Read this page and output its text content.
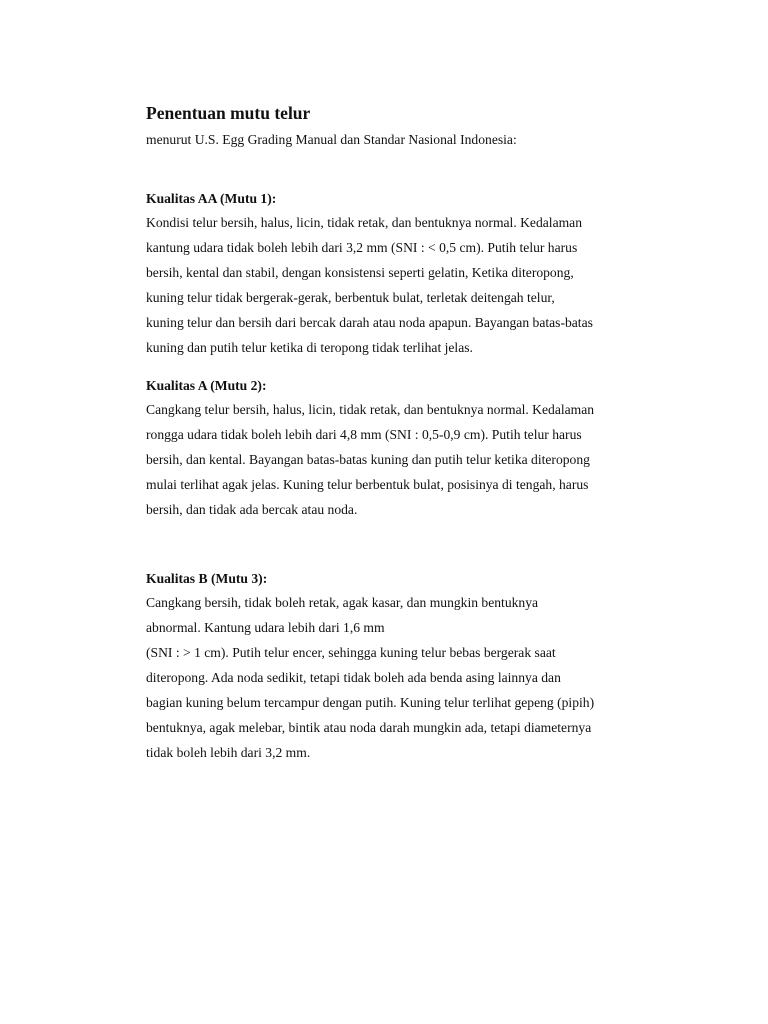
Penentuan mutu telur

menurut U.S. Egg Grading Manual dan Standar Nasional Indonesia:

Kualitas AA (Mutu 1):

Kondisi telur bersih, halus, licin, tidak retak, dan bentuknya normal. Kedalaman
kantung udara tidak boleh lebih dari 3,2 mm (SNI : < 0,5 cm). Putih telur harus
bersih, kental dan stabil, dengan konsistensi seperti gelatin, Ketika diteropong,
kuning telur tidak bergerak-gerak, berbentuk bulat, terletak deitengah telur,
kuning telur dan bersih dari bercak darah atau noda apapun. Bayangan batas-batas
kuning dan putih telur ketika di teropong tidak terlihat jelas.

Kualitas A (Mutu 2):

Cangkang telur bersih, halus, licin, tidak retak, dan bentuknya normal. Kedalaman
rongga udara tidak boleh lebih dari 4,8 mm (SNI : 0,5-0,9 cm). Putih telur harus
bersih, dan kental. Bayangan batas-batas kuning dan putih telur ketika diteropong
mulai terlihat agak jelas. Kuning telur berbentuk bulat, posisinya di tengah, harus
bersih, dan tidak ada bercak atau noda.

Kualitas B (Mutu 3):

Cangkang bersih, tidak boleh retak, agak kasar, dan mungkin bentuknya
abnormal. Kantung udara lebih dari 1,6 mm
(SNI : > 1 cm). Putih telur encer, sehingga kuning telur bebas bergerak saat
diteropong. Ada noda sedikit, tetapi tidak boleh ada benda asing lainnya dan
bagian kuning belum tercampur dengan putih. Kuning telur terlihat gepeng (pipih)
bentuknya, agak melebar, bintik atau noda darah mungkin ada, tetapi diameternya
tidak boleh lebih dari 3,2 mm.
